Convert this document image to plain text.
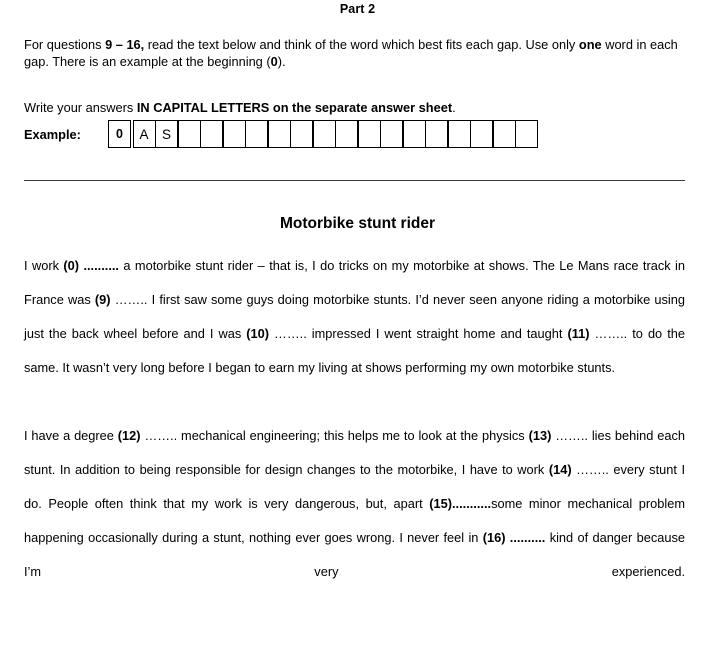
Part 2

For questions 9 – 16, read the text below and think of the word which best fits each gap. Use only one word in each gap. There is an example at the beginning (0).

Write your answers IN CAPITAL LETTERS on the separate answer sheet.

Example:	0	A S
Motorbike stunt rider

I work (0) .......... a motorbike stunt rider – that is, I do tricks on my motorbike at shows. The Le Mans race track in France was (9) …….. I first saw some guys doing motorbike stunts. I’d never seen anyone riding a motorbike using just the back wheel before and I was (10) …….. impressed I went straight home and taught (11) …….. to do the same. It wasn’t very long before I began to earn my living at shows performing my own motorbike stunts.

I have a degree (12) …….. mechanical engineering; this helps me to look at the physics (13) …….. lies behind each stunt. In addition to being responsible for design changes to the motorbike, I have to work (14) …….. every stunt I do. People often think that my work is very dangerous, but, apart (15)...........some minor mechanical problem happening occasionally during a stunt, nothing ever goes wrong. I never feel in (16) .......... kind of danger because I’m very experienced.
